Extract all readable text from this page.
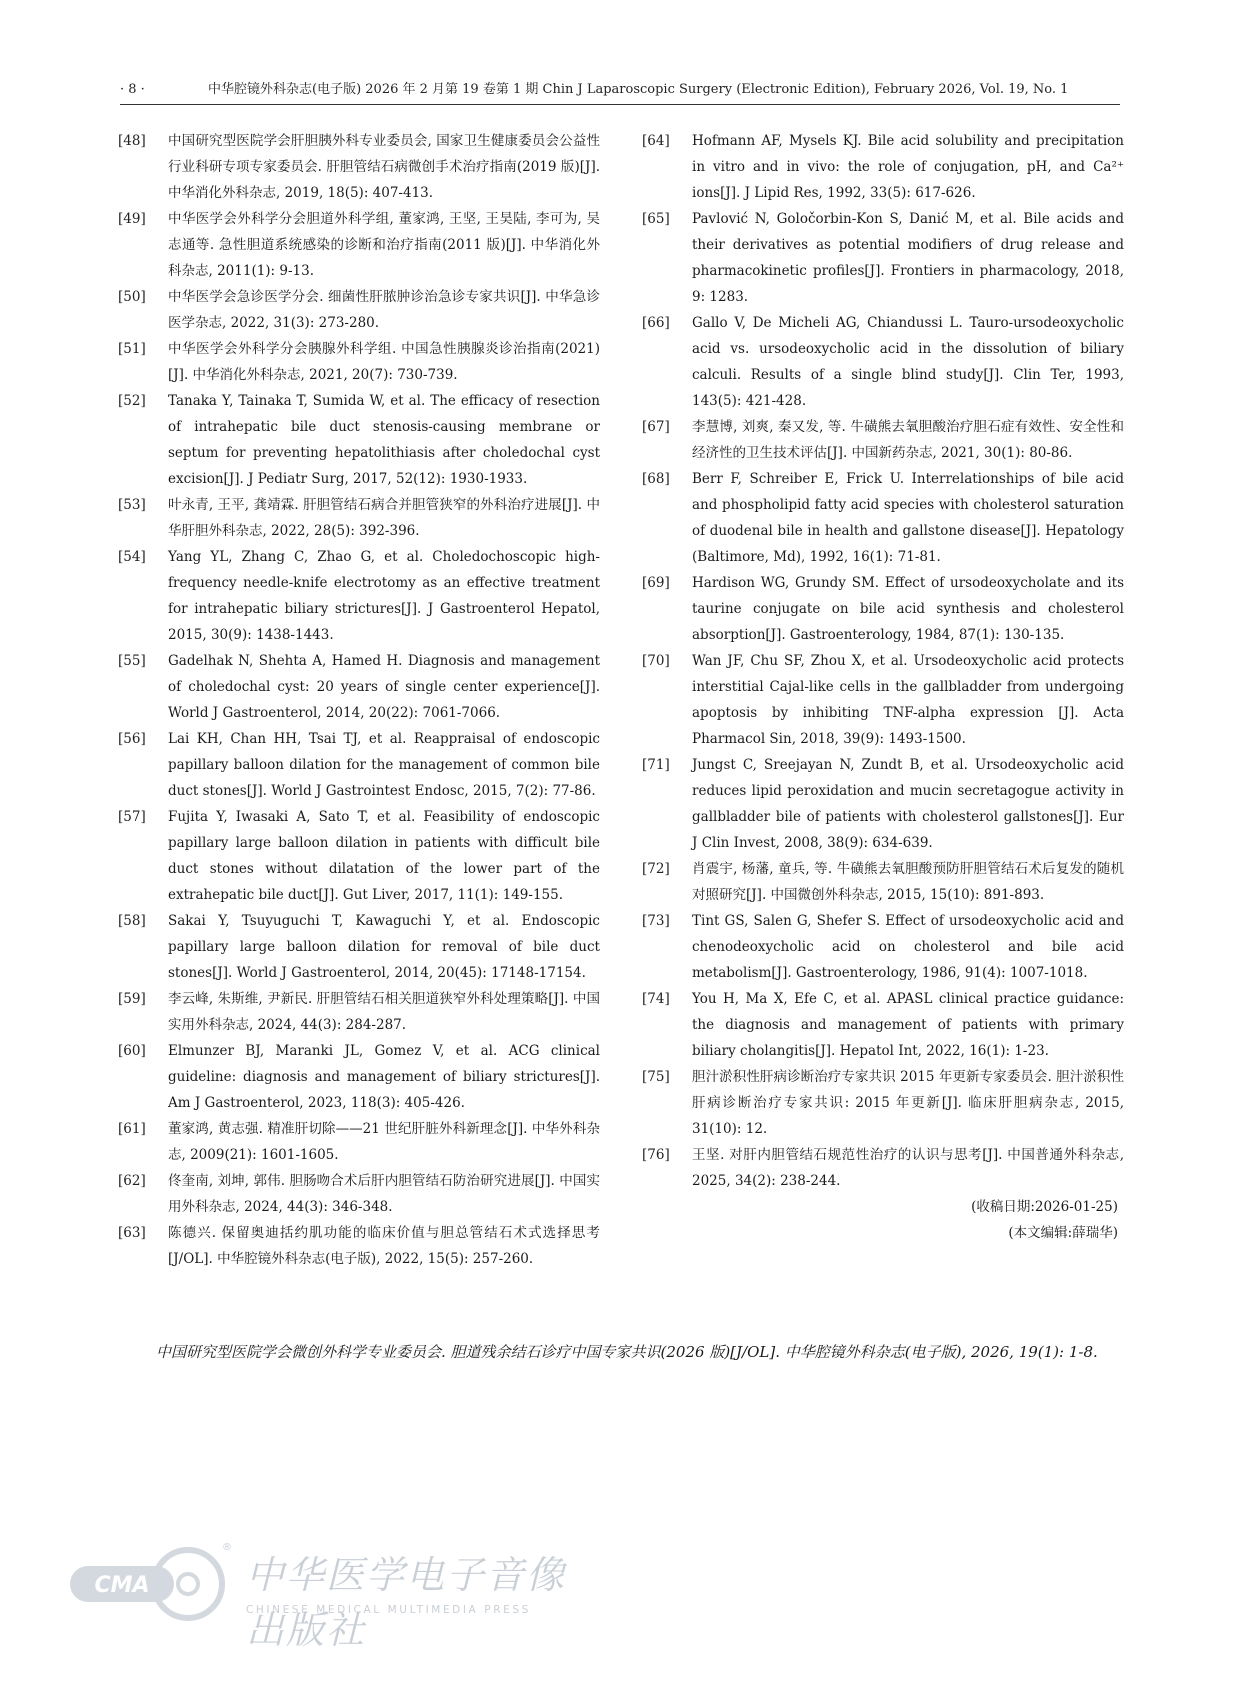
· 8 ·	中华腔镜外科杂志(电子版) 2026 年 2 月第 19 卷第 1 期 Chin J Laparoscopic Surgery (Electronic Edition), February 2026, Vol. 19, No. 1
[48]	中国研究型医院学会肝胆胰外科专业委员会, 国家卫生健康委员会公益性行业科研专项专家委员会. 肝胆管结石病微创手术治疗指南(2019 版)[J]. 中华消化外科杂志, 2019, 18(5): 407-413.
[49]	中华医学会外科学分会胆道外科学组, 董家鸿, 王坚, 王昊陆, 李可为, 吴志通等. 急性胆道系统感染的诊断和治疗指南(2011 版)[J]. 中华消化外科杂志, 2011(1): 9-13.
[50]	中华医学会急诊医学分会. 细菌性肝脓肿诊治急诊专家共识[J]. 中华急诊医学杂志, 2022, 31(3): 273-280.
[51]	中华医学会外科学分会胰腺外科学组. 中国急性胰腺炎诊治指南(2021)[J]. 中华消化外科杂志, 2021, 20(7): 730-739.
[52]	Tanaka Y, Tainaka T, Sumida W, et al. The efficacy of resection of intrahepatic bile duct stenosis-causing membrane or septum for preventing hepatolithiasis after choledochal cyst excision[J]. J Pediatr Surg, 2017, 52(12): 1930-1933.
[53]	叶永青, 王平, 龚靖霖. 肝胆管结石病合并胆管狭窄的外科治疗进展[J]. 中华肝胆外科杂志, 2022, 28(5): 392-396.
[54]	Yang YL, Zhang C, Zhao G, et al. Choledochoscopic high-frequency needle-knife electrotomy as an effective treatment for intrahepatic biliary strictures[J]. J Gastroenterol Hepatol, 2015, 30(9): 1438-1443.
[55]	Gadelhak N, Shehta A, Hamed H. Diagnosis and management of choledochal cyst: 20 years of single center experience[J]. World J Gastroenterol, 2014, 20(22): 7061-7066.
[56]	Lai KH, Chan HH, Tsai TJ, et al. Reappraisal of endoscopic papillary balloon dilation for the management of common bile duct stones[J]. World J Gastrointest Endosc, 2015, 7(2): 77-86.
[57]	Fujita Y, Iwasaki A, Sato T, et al. Feasibility of endoscopic papillary large balloon dilation in patients with difficult bile duct stones without dilatation of the lower part of the extrahepatic bile duct[J]. Gut Liver, 2017, 11(1): 149-155.
[58]	Sakai Y, Tsuyuguchi T, Kawaguchi Y, et al. Endoscopic papillary large balloon dilation for removal of bile duct stones[J]. World J Gastroenterol, 2014, 20(45): 17148-17154.
[59]	李云峰, 朱斯维, 尹新民. 肝胆管结石相关胆道狭窄外科处理策略[J]. 中国实用外科杂志, 2024, 44(3): 284-287.
[60]	Elmunzer BJ, Maranki JL, Gomez V, et al. ACG clinical guideline: diagnosis and management of biliary strictures[J]. Am J Gastroenterol, 2023, 118(3): 405-426.
[61]	董家鸿, 黄志强. 精准肝切除——21 世纪肝脏外科新理念[J]. 中华外科杂志, 2009(21): 1601-1605.
[62]	佟奎南, 刘坤, 郭伟. 胆肠吻合术后肝内胆管结石防治研究进展[J]. 中国实用外科杂志, 2024, 44(3): 346-348.
[63]	陈德兴. 保留奥迪括约肌功能的临床价值与胆总管结石术式选择思考[J/OL]. 中华腔镜外科杂志(电子版), 2022, 15(5): 257-260.
[64]	Hofmann AF, Mysels KJ. Bile acid solubility and precipitation in vitro and in vivo: the role of conjugation, pH, and Ca²⁺ ions[J]. J Lipid Res, 1992, 33(5): 617-626.
[65]	Pavlović N, Goločorbin-Kon S, Danić M, et al. Bile acids and their derivatives as potential modifiers of drug release and pharmacokinetic profiles[J]. Frontiers in pharmacology, 2018, 9: 1283.
[66]	Gallo V, De Micheli AG, Chiandussi L. Tauro-ursodeoxycholic acid vs. ursodeoxycholic acid in the dissolution of biliary calculi. Results of a single blind study[J]. Clin Ter, 1993, 143(5): 421-428.
[67]	李慧博, 刘爽, 秦又发, 等. 牛磺熊去氧胆酸治疗胆石症有效性、安全性和经济性的卫生技术评估[J]. 中国新药杂志, 2021, 30(1): 80-86.
[68]	Berr F, Schreiber E, Frick U. Interrelationships of bile acid and phospholipid fatty acid species with cholesterol saturation of duodenal bile in health and gallstone disease[J]. Hepatology (Baltimore, Md), 1992, 16(1): 71-81.
[69]	Hardison WG, Grundy SM. Effect of ursodeoxycholate and its taurine conjugate on bile acid synthesis and cholesterol absorption[J]. Gastroenterology, 1984, 87(1): 130-135.
[70]	Wan JF, Chu SF, Zhou X, et al. Ursodeoxycholic acid protects interstitial Cajal-like cells in the gallbladder from undergoing apoptosis by inhibiting TNF-alpha expression [J]. Acta Pharmacol Sin, 2018, 39(9): 1493-1500.
[71]	Jungst C, Sreejayan N, Zundt B, et al. Ursodeoxycholic acid reduces lipid peroxidation and mucin secretagogue activity in gallbladder bile of patients with cholesterol gallstones[J]. Eur J Clin Invest, 2008, 38(9): 634-639.
[72]	肖震宇, 杨藩, 童兵, 等. 牛磺熊去氧胆酸预防肝胆管结石术后复发的随机对照研究[J]. 中国微创外科杂志, 2015, 15(10): 891-893.
[73]	Tint GS, Salen G, Shefer S. Effect of ursodeoxycholic acid and chenodeoxycholic acid on cholesterol and bile acid metabolism[J]. Gastroenterology, 1986, 91(4): 1007-1018.
[74]	You H, Ma X, Efe C, et al. APASL clinical practice guidance: the diagnosis and management of patients with primary biliary cholangitis[J]. Hepatol Int, 2022, 16(1): 1-23.
[75]	胆汁淤积性肝病诊断治疗专家共识 2015 年更新专家委员会. 胆汁淤积性肝病诊断治疗专家共识: 2015 年更新[J]. 临床肝胆病杂志, 2015, 31(10): 12.
[76]	王坚. 对肝内胆管结石规范性治疗的认识与思考[J]. 中国普通外科杂志, 2025, 34(2): 238-244.
(收稿日期:2026-01-25)
(本文编辑:薛瑞华)
中国研究型医院学会微创外科学专业委员会. 胆道残余结石诊疗中国专家共识(2026 版)[J/OL]. 中华腔镜外科杂志(电子版), 2026, 19(1): 1-8.
CMA
®
中华医学电子音像出版社
CHINESE MEDICAL MULTIMEDIA PRESS
